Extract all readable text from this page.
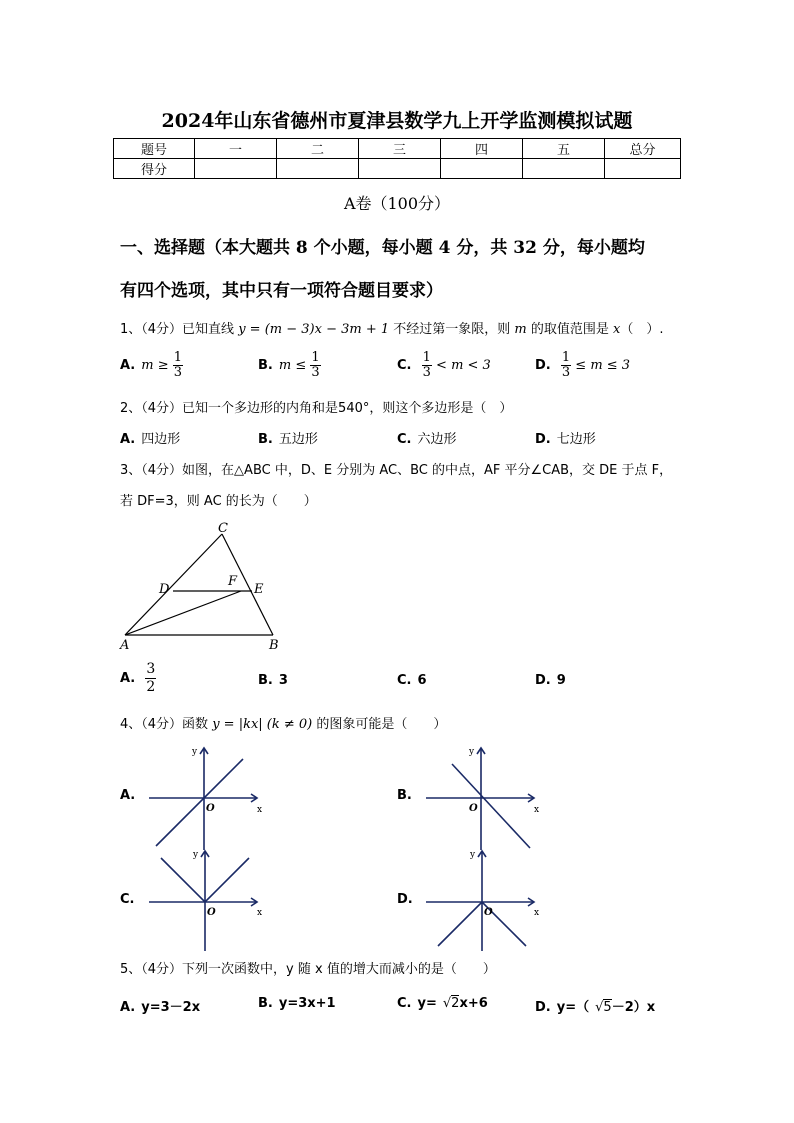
2024年山东省德州市夏津县数学九上开学监测模拟试题
题号	一	二	三	四	五	总分
得分						
A卷（100分）
一、选择题（本大题共 8 个小题，每小题 4 分，共 32 分，每小题均
有四个选项，其中只有一项符合题目要求）
1、（4分）已知直线 y = (m − 3)x − 3m + 1 不经过第一象限，则 m 的取值范围是 x（　）.
A. $m \ge \frac{1}{3}$	B. $m \le \frac{1}{3}$	C. $\frac{1}{3} < m < 3$	D. $\frac{1}{3} \le m \le 3$
2、（4分）已知一个多边形的内角和是540°，则这个多边形是（　）
A. 四边形	B. 五边形	C. 六边形	D. 七边形
3、（4分）如图，在△ABC 中，D、E 分别为 AC、BC 的中点，AF 平分∠CAB，交 DE 于点 F，
若 DF=3，则 AC 的长为（　　）
C
D
F
E
A	B
A. $\frac{3}{2}$	B. 3	C. 6	D. 9
4、（4分）函数 y = |kx| (k ≠ 0) 的图象可能是（　　）
A.
y
x
O
B.
y
x
O
C.
y
x
O
D.
y
x
O
5、（4分）下列一次函数中，y 随 x 值的增大而减小的是（　　）
A. y=3－2x	B. y=3x+1	C. y= √2x+6	D. y=（ √5－2）x
